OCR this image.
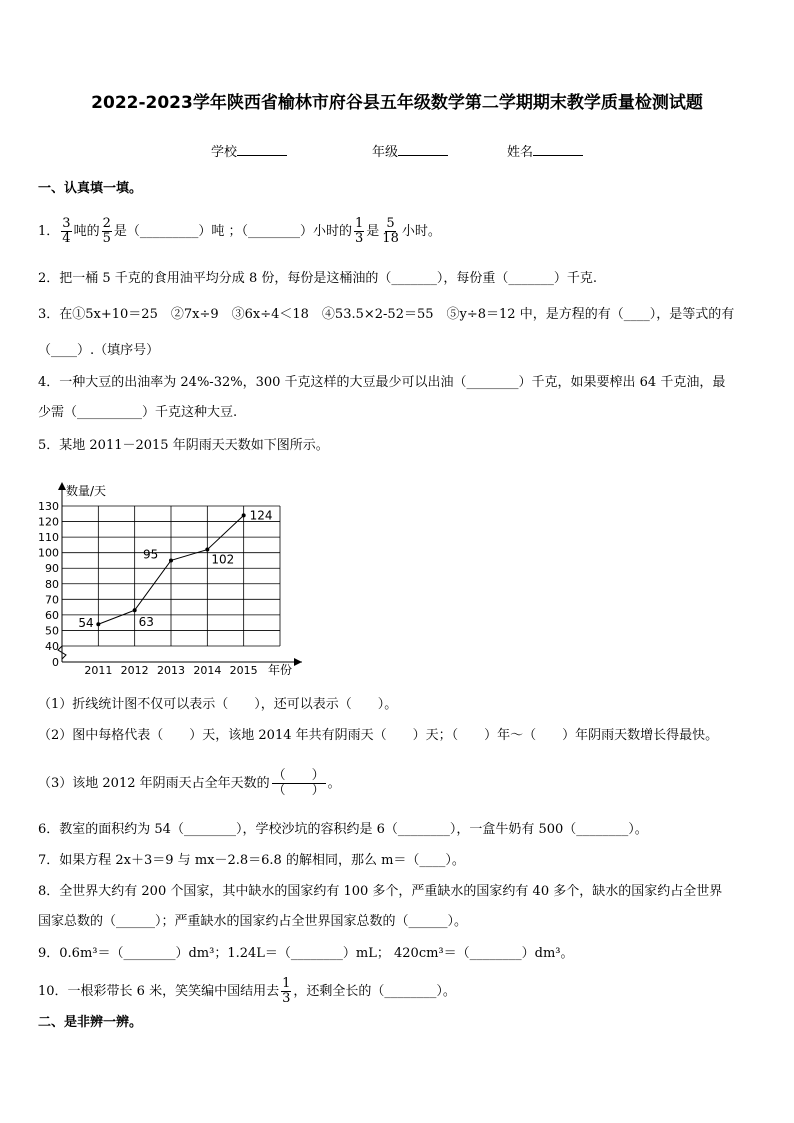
2022-2023学年陕西省榆林市府谷县五年级数学第二学期期末教学质量检测试题
学校	年级	姓名
一、认真填一填。
1． $\frac{3}{4}$ 吨的 $\frac{2}{5}$ 是（_________）吨 ；（________）小时的 $\frac{1}{3}$ 是 $\frac{5}{18}$ 小时。
2．把一桶 5 千克的食用油平均分成 8 份，每份是这桶油的（_______），每份重（_______）千克.
3．在①5x+10＝25　②7x÷9　③6x÷4＜18　④53.5×2-52＝55　⑤y÷8＝12 中，是方程的有（____），是等式的有
（____）.（填序号）
4．一种大豆的出油率为 24%-32%，300 千克这样的大豆最少可以出油（________）千克，如果要榨出 64 千克油，最
少需（__________）千克这种大豆.
5．某地 2011－2015 年阴雨天天数如下图所示。
0
40
50
60
70
80
90
100
110
120
130
2011 2012 2013 2014 2015
54	63
95	102
124
数量/天
年份
（1）折线统计图不仅可以表示（　　），还可以表示（　　）。
（2）图中每格代表（　　）天，该地 2014 年共有阴雨天（　　）天；（　　）年～（　　）年阴雨天数增长得最快。
（3）该地 2012 年阴雨天占全年天数的 $\frac{( )}{( )}$ 。
6．教室的面积约为 54（________），学校沙坑的容积约是 6（________），一盒牛奶有 500（________）。
7．如果方程 2x＋3＝9 与 mx－2.8＝6.8 的解相同，那么 m＝（____）。
8．全世界大约有 200 个国家，其中缺水的国家约有 100 多个，严重缺水的国家约有 40 多个，缺水的国家约占全世界
国家总数的（______）；严重缺水的国家约占全世界国家总数的（______）。
9．0.6m³＝（________）dm³；1.24L＝（________）mL； 420cm³＝（________）dm³。
10．一根彩带长 6 米，笑笑编中国结用去 $\frac{1}{3}$ ，还剩全长的（________）。
二、是非辨一辨。
